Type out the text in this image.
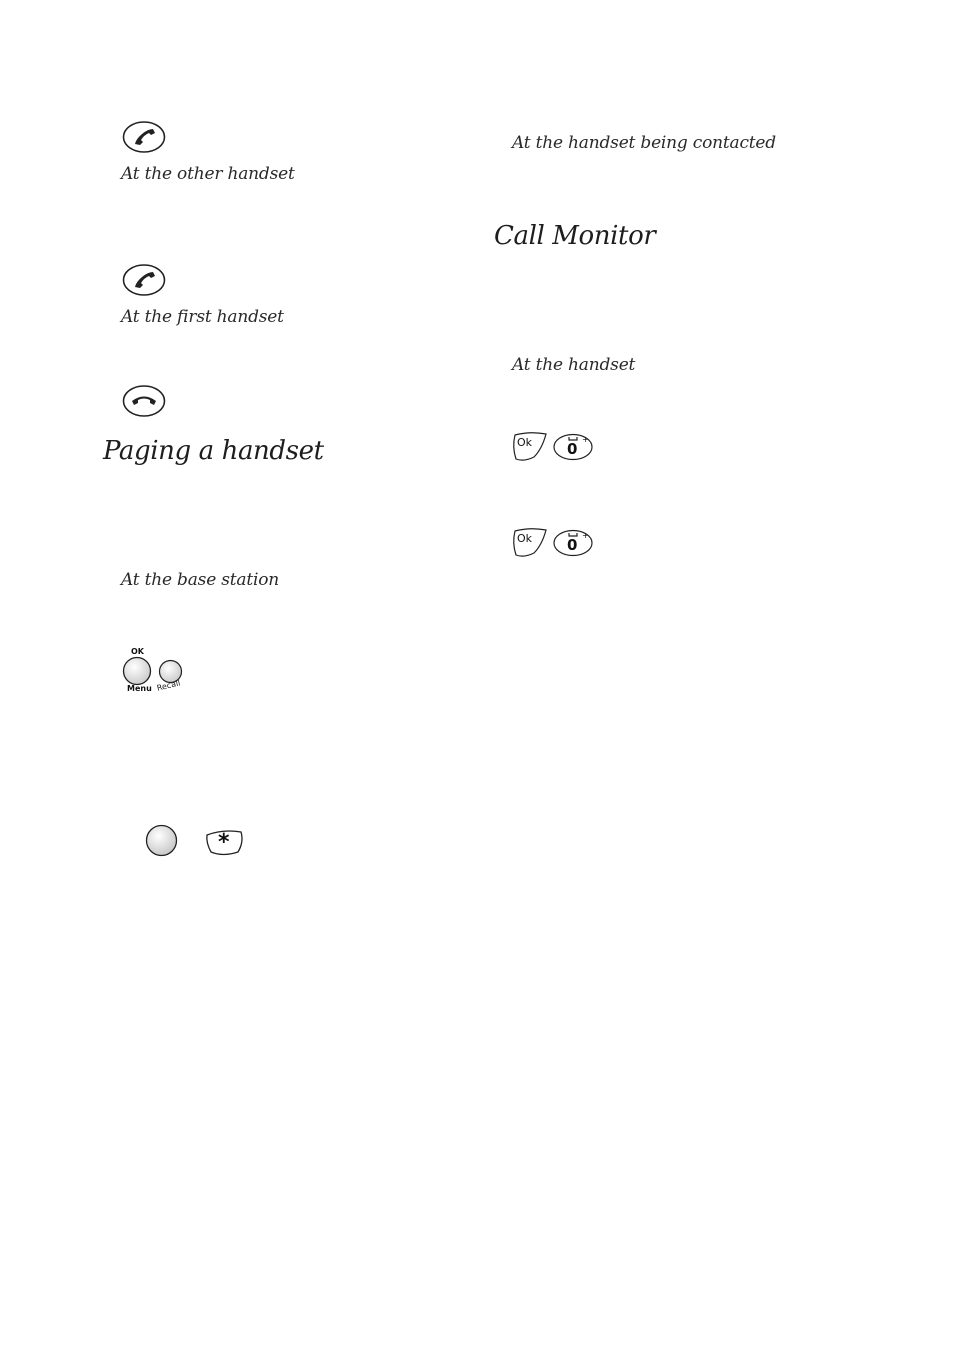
At the other handset
At the first handset
Paging a handset
At the base station
OK
Menu Recall
*
At the handset being contacted
Call Monitor
At the handset
Ok 0
+
Ok 0
+
